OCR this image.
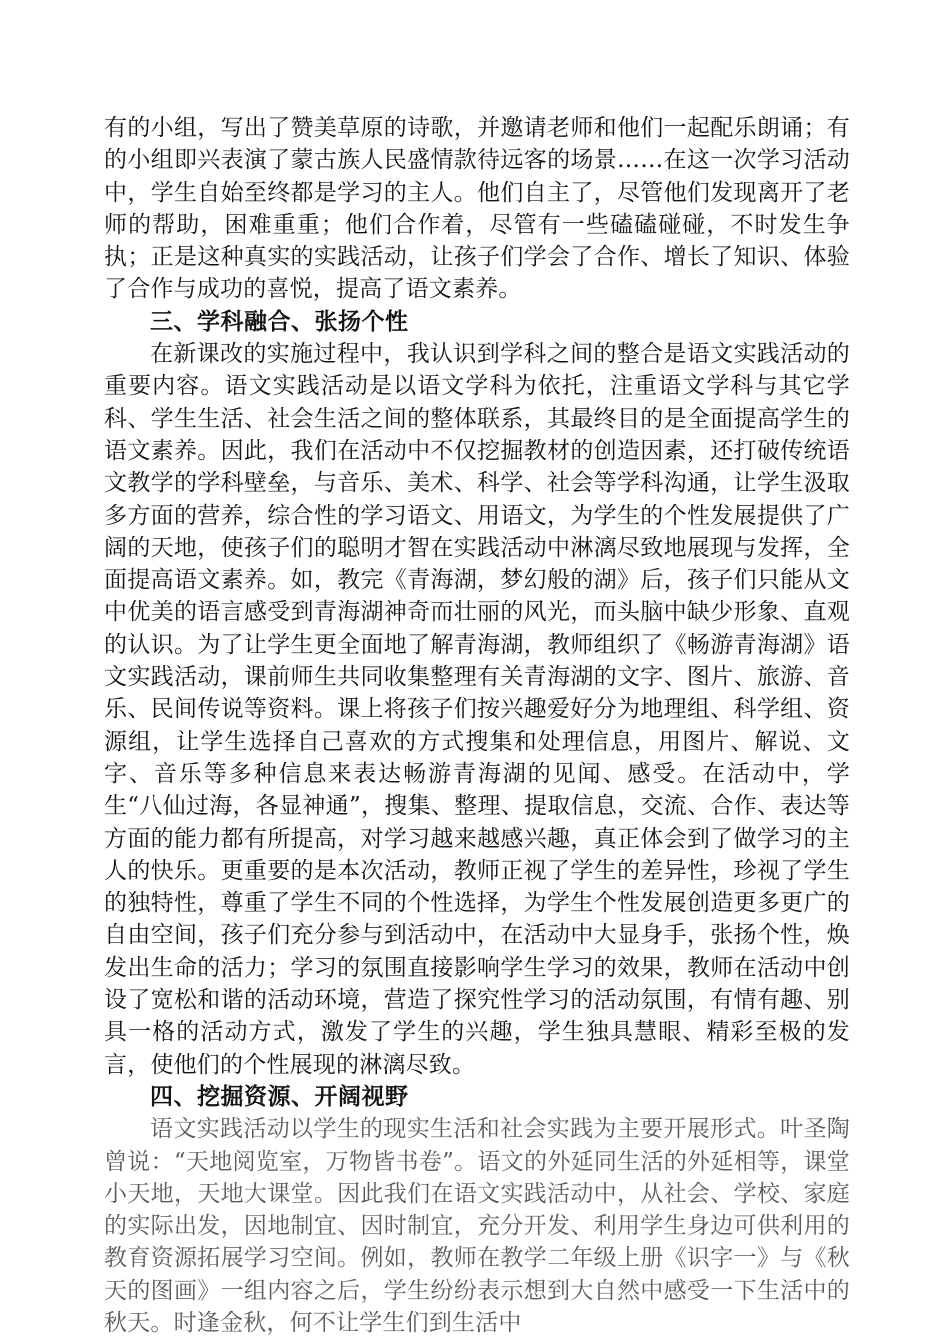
有的小组，写出了赞美草原的诗歌，并邀请老师和他们一起配乐朗诵；有的小组即兴表演了蒙古族人民盛情款待远客的场景……在这一次学习活动中，学生自始至终都是学习的主人。他们自主了，尽管他们发现离开了老师的帮助，困难重重；他们合作着，尽管有一些磕磕碰碰，不时发生争执；正是这种真实的实践活动，让孩子们学会了合作、增长了知识、体验了合作与成功的喜悦，提高了语文素养。

三、学科融合、张扬个性

在新课改的实施过程中，我认识到学科之间的整合是语文实践活动的重要内容。语文实践活动是以语文学科为依托，注重语文学科与其它学科、学生生活、社会生活之间的整体联系，其最终目的是全面提高学生的语文素养。因此，我们在活动中不仅挖掘教材的创造因素，还打破传统语文教学的学科壁垒，与音乐、美术、科学、社会等学科沟通，让学生汲取多方面的营养，综合性的学习语文、用语文，为学生的个性发展提供了广阔的天地，使孩子们的聪明才智在实践活动中淋漓尽致地展现与发挥，全面提高语文素养。如，教完《青海湖，梦幻般的湖》后，孩子们只能从文中优美的语言感受到青海湖神奇而壮丽的风光，而头脑中缺少形象、直观的认识。为了让学生更全面地了解青海湖，教师组织了《畅游青海湖》语文实践活动，课前师生共同收集整理有关青海湖的文字、图片、旅游、音乐、民间传说等资料。课上将孩子们按兴趣爱好分为地理组、科学组、资源组，让学生选择自己喜欢的方式搜集和处理信息，用图片、解说、文字、音乐等多种信息来表达畅游青海湖的见闻、感受。在活动中，学生“八仙过海，各显神通”，搜集、整理、提取信息，交流、合作、表达等方面的能力都有所提高，对学习越来越感兴趣，真正体会到了做学习的主人的快乐。更重要的是本次活动，教师正视了学生的差异性，珍视了学生的独特性，尊重了学生不同的个性选择，为学生个性发展创造更多更广的自由空间，孩子们充分参与到活动中，在活动中大显身手，张扬个性，焕发出生命的活力；学习的氛围直接影响学生学习的效果，教师在活动中创设了宽松和谐的活动环境，营造了探究性学习的活动氛围，有情有趣、别具一格的活动方式，激发了学生的兴趣，学生独具慧眼、精彩至极的发言，使他们的个性展现的淋漓尽致。

四、挖掘资源、开阔视野

语文实践活动以学生的现实生活和社会实践为主要开展形式。叶圣陶曾说：“天地阅览室，万物皆书卷”。语文的外延同生活的外延相等，课堂小天地，天地大课堂。因此我们在语文实践活动中，从社会、学校、家庭的实际出发，因地制宜、因时制宜，充分开发、利用学生身边可供利用的教育资源拓展学习空间。例如，教师在教学二年级上册《识字一》与《秋天的图画》一组内容之后，学生纷纷表示想到大自然中感受一下生活中的秋天。时逢金秋，何不让学生们到生活中
